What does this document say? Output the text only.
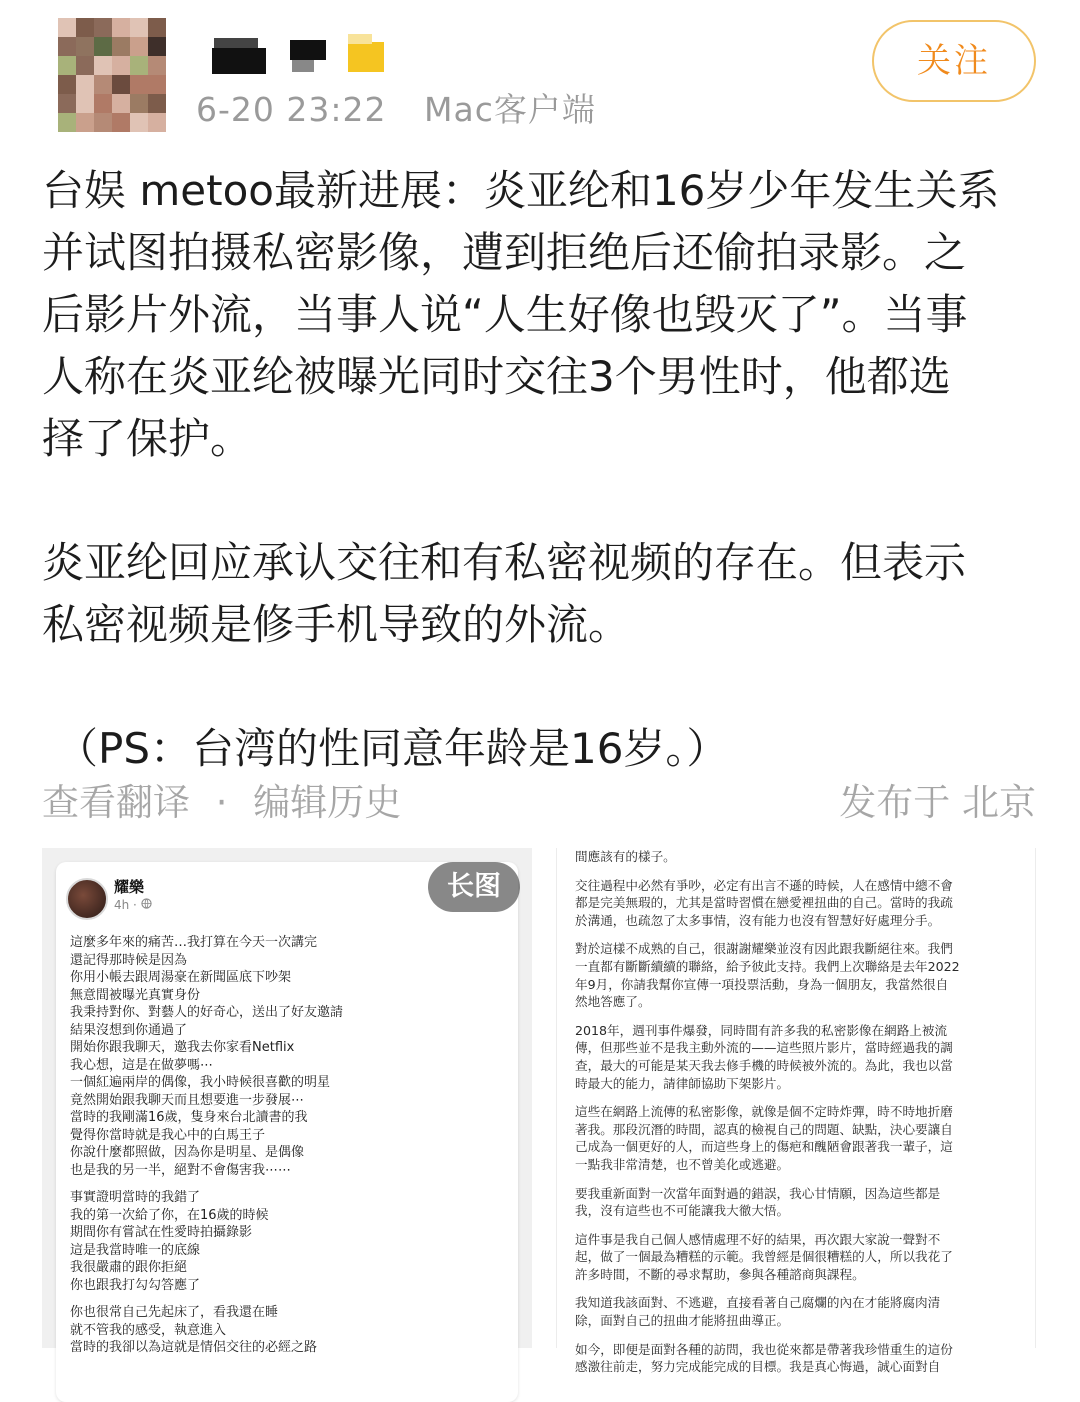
6-20 23:22 Mac客户端
关注

台娱 metoo最新进展：炎亚纶和16岁少年发生关系
并试图拍摄私密影像，遭到拒绝后还偷拍录影。之
后影片外流，当事人说“人生好像也毁灭了”。当事
人称在炎亚纶被曝光同时交往3个男性时，他都选
择了保护。

炎亚纶回应承认交往和有私密视频的存在。但表示
私密视频是修手机导致的外流。

（PS：台湾的性同意年龄是16岁。）

查看翻译 · 编辑历史	发布于 北京
耀樂
4h ·
這麼多年來的痛苦…我打算在今天一次講完
還記得那時候是因為
你用小帳去跟周湯豪在新聞區底下吵架
無意間被曝光真實身份
我秉持對你、對藝人的好奇心，送出了好友邀請
結果沒想到你通過了
開始你跟我聊天，邀我去你家看Netflix
我心想，這是在做夢嗎⋯
一個紅遍兩岸的偶像，我小時候很喜歡的明星
竟然開始跟我聊天而且想要進一步發展⋯
當時的我剛滿16歲，隻身來台北讀書的我
覺得你當時就是我心中的白馬王子
你說什麼都照做，因為你是明星、是偶像
也是我的另一半，絕對不會傷害我⋯⋯
事實證明當時的我錯了
我的第一次給了你，在16歲的時候
期間你有嘗試在性愛時拍攝錄影
這是我當時唯一的底線
我很嚴肅的跟你拒絕
你也跟我打勾勾答應了
你也很常自己先起床了，看我還在睡
就不管我的感受，執意進入
當時的我卻以為這就是情侶交往的必經之路
长图
間應該有的樣子。
交往過程中必然有爭吵，必定有出言不遜的時候，人在感情中總不會
都是完美無瑕的，尤其是當時習慣在戀愛裡扭曲的自己。當時的我疏
於溝通，也疏忽了太多事情，沒有能力也沒有智慧好好處理分手。
對於這樣不成熟的自己，很謝謝耀樂並沒有因此跟我斷絕往來。我們
一直都有斷斷續續的聯絡，給予彼此支持。我們上次聯絡是去年2022
年9月，你請我幫你宣傳一項投票活動，身為一個朋友，我當然很自
然地答應了。
2018年，週刊事件爆發，同時間有許多我的私密影像在網路上被流
傳，但那些並不是我主動外流的——這些照片影片，當時經過我的調
查，最大的可能是某天我去修手機的時候被外流的。為此，我也以當
時最大的能力，請律師協助下架影片。
這些在網路上流傳的私密影像，就像是個不定時炸彈，時不時地折磨
著我。那段沉潛的時間，認真的檢視自己的問題、缺點，決心要讓自
己成為一個更好的人，而這些身上的傷疤和醜陋會跟著我一輩子，這
一點我非常清楚，也不曾美化或逃避。
要我重新面對一次當年面對過的錯誤，我心甘情願，因為這些都是
我，沒有這些也不可能讓我大徹大悟。
這件事是我自己個人感情處理不好的結果，再次跟大家說一聲對不
起，做了一個最為糟糕的示範。我曾經是個很糟糕的人，所以我花了
許多時間，不斷的尋求幫助，參與各種諮商與課程。
我知道我該面對、不逃避，直接看著自己腐爛的內在才能將腐肉清
除，面對自己的扭曲才能將扭曲導正。
如今，即便是面對各種的訪問，我也從來都是帶著我珍惜重生的這份
感激往前走，努力完成能完成的目標。我是真心悔過，誠心面對自
